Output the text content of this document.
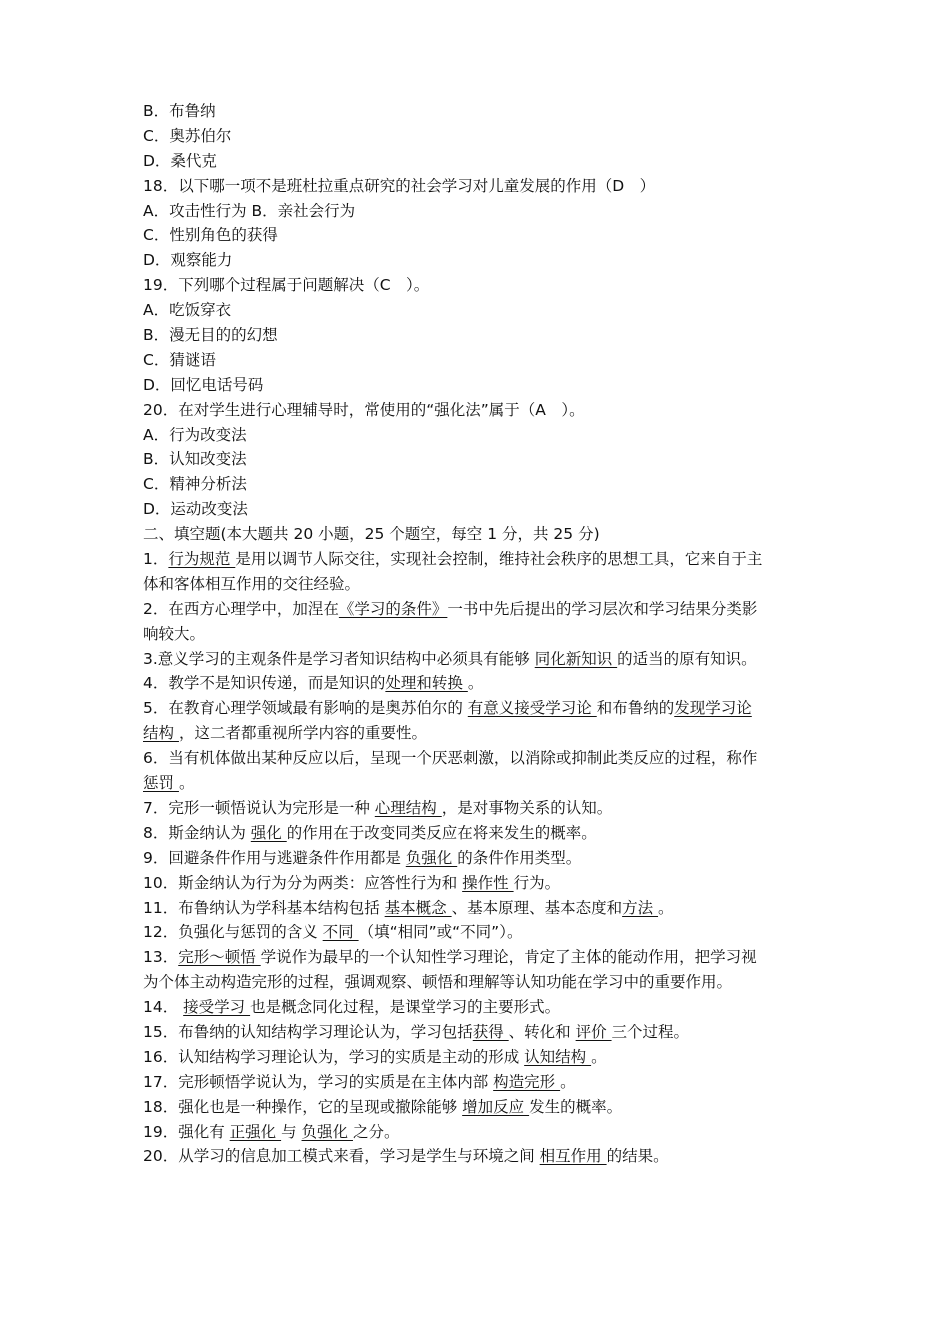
B．布鲁纳
C．奥苏伯尔
D．桑代克
18．以下哪一项不是班杜拉重点研究的社会学习对儿童发展的作用（D　）
A．攻击性行为 B．亲社会行为
C．性别角色的获得
D．观察能力
19．下列哪个过程属于问题解决（C　）。
A．吃饭穿衣
B．漫无目的的幻想
C．猜谜语
D．回忆电话号码
20．在对学生进行心理辅导时，常使用的“强化法”属于（A　）。
A．行为改变法
B．认知改变法
C．精神分析法
D．运动改变法
二、填空题(本大题共 20 小题，25 个题空，每空 1 分，共 25 分)
1．行为规范 是用以调节人际交往，实现社会控制，维持社会秩序的思想工具，它来自于主
体和客体相互作用的交往经验。
2．在西方心理学中，加涅在《学习的条件》一书中先后提出的学习层次和学习结果分类影
响较大。
3.意义学习的主观条件是学习者知识结构中必须具有能够 同化新知识 的适当的原有知识。
4．教学不是知识传递，而是知识的处理和转换 。
5．在教育心理学领域最有影响的是奥苏伯尔的 有意义接受学习论 和布鲁纳的发现学习论
结构 ，这二者都重视所学内容的重要性。
6．当有机体做出某种反应以后，呈现一个厌恶刺激，以消除或抑制此类反应的过程，称作
惩罚 。
7．完形一顿悟说认为完形是一种 心理结构 ，是对事物关系的认知。
8．斯金纳认为 强化 的作用在于改变同类反应在将来发生的概率。
9．回避条件作用与逃避条件作用都是 负强化 的条件作用类型。
10．斯金纳认为行为分为两类：应答性行为和 操作性 行为。
11．布鲁纳认为学科基本结构包括 基本概念 、基本原理、基本态度和方法 。
12．负强化与惩罚的含义 不同 （填“相同”或“不同”）。
13．完形～顿悟 学说作为最早的一个认知性学习理论，肯定了主体的能动作用，把学习视
为个体主动构造完形的过程，强调观察、顿悟和理解等认知功能在学习中的重要作用。
14． 接受学习 也是概念同化过程，是课堂学习的主要形式。
15．布鲁纳的认知结构学习理论认为，学习包括获得 、转化和 评价 三个过程。
16．认知结构学习理论认为，学习的实质是主动的形成 认知结构 。
17．完形顿悟学说认为，学习的实质是在主体内部 构造完形 。
18．强化也是一种操作，它的呈现或撤除能够 增加反应 发生的概率。
19．强化有 正强化 与 负强化 之分。
20．从学习的信息加工模式来看，学习是学生与环境之间 相互作用 的结果。
